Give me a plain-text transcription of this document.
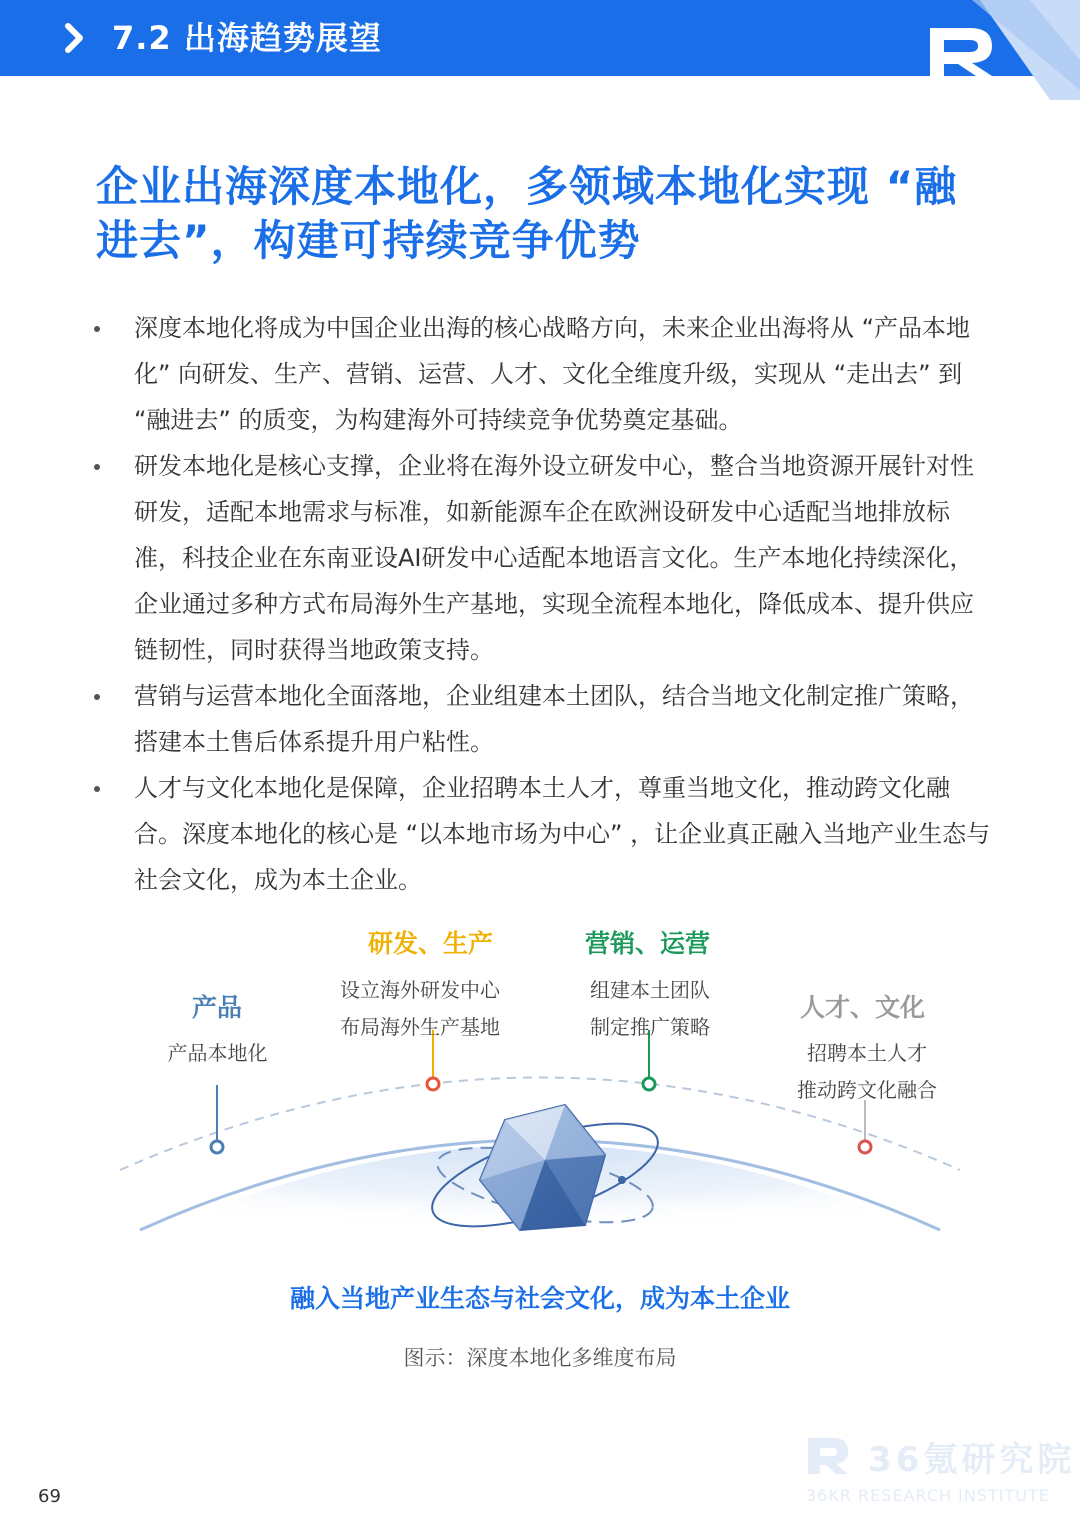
7.2 出海趋势展望
企业出海深度本地化，多领域本地化实现 “融
进去”，构建可持续竞争优势
深度本地化将成为中国企业出海的核心战略方向，未来企业出海将从 “产品本地化” 向研发、生产、营销、运营、人才、文化全维度升级，实现从 “走出去” 到 “融进去” 的质变，为构建海外可持续竞争优势奠定基础。
研发本地化是核心支撑，企业将在海外设立研发中心，整合当地资源开展针对性研发，适配本地需求与标准，如新能源车企在欧洲设研发中心适配当地排放标准，科技企业在东南亚设AI研发中心适配本地语言文化。生产本地化持续深化，企业通过多种方式布局海外生产基地，实现全流程本地化，降低成本、提升供应链韧性，同时获得当地政策支持。
营销与运营本地化全面落地，企业组建本土团队，结合当地文化制定推广策略，搭建本土售后体系提升用户粘性。
人才与文化本地化是保障，企业招聘本土人才，尊重当地文化，推动跨文化融合。深度本地化的核心是 “以本地市场为中心” ，让企业真正融入当地产业生态与社会文化，成为本土企业。
产品
产品本地化
研发、生产
设立海外研发中心
布局海外生产基地
营销、运营
组建本土团队
制定推广策略
人才、文化
招聘本土人才
推动跨文化融合
融入当地产业生态与社会文化，成为本土企业
图示：深度本地化多维度布局
69
36氪研究院
36KR RESEARCH INSTITUTE
